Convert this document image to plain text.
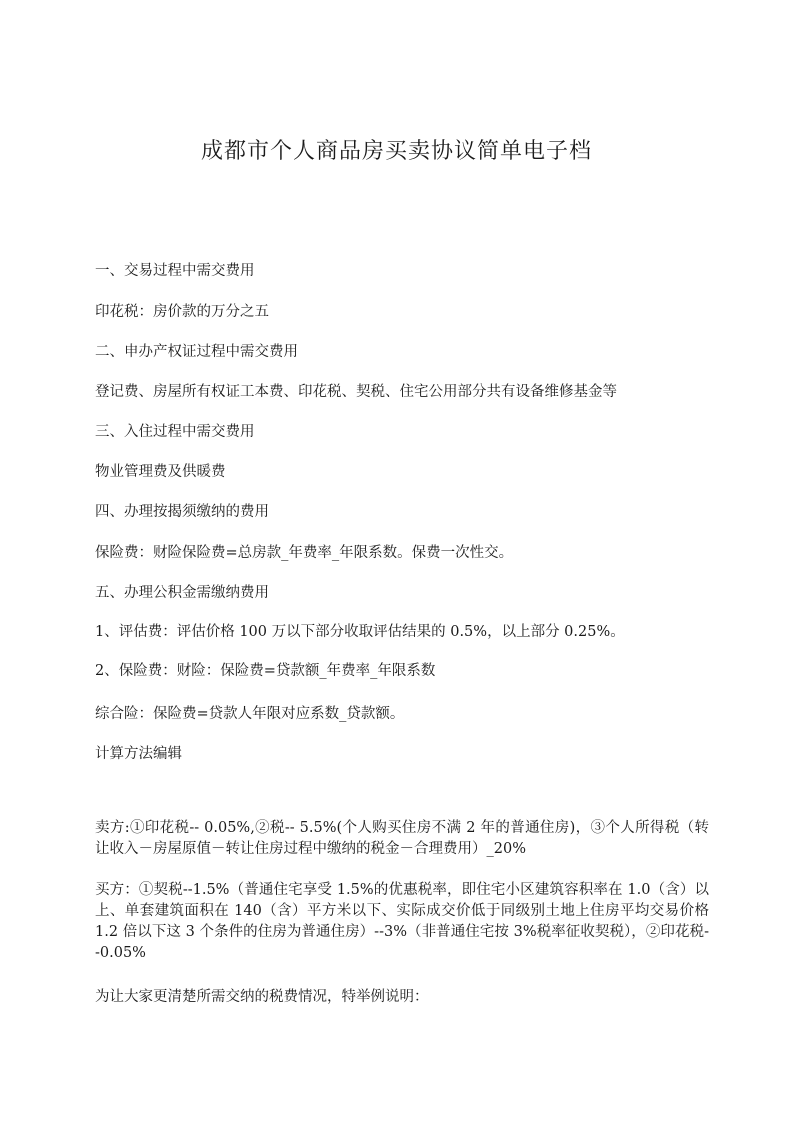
成都市个人商品房买卖协议简单电子档
一、交易过程中需交费用
印花税：房价款的万分之五
二、申办产权证过程中需交费用
登记费、房屋所有权证工本费、印花税、契税、住宅公用部分共有设备维修基金等
三、入住过程中需交费用
物业管理费及供暖费
四、办理按揭须缴纳的费用
保险费：财险保险费=总房款_年费率_年限系数。保费一次性交。
五、办理公积金需缴纳费用
1、评估费：评估价格 100 万以下部分收取评估结果的 0.5%，以上部分 0.25%。
2、保险费：财险：保险费=贷款额_年费率_年限系数
综合险：保险费=贷款人年限对应系数_贷款额。
计算方法编辑
卖方:①印花税-- 0.05%,②税-- 5.5%(个人购买住房不满 2 年的普通住房)，③个人所得税（转让收入－房屋原值－转让住房过程中缴纳的税金－合理费用）_20%
买方：①契税--1.5%（普通住宅享受 1.5%的优惠税率，即住宅小区建筑容积率在 1.0（含）以上、单套建筑面积在 140（含）平方米以下、实际成交价低于同级别土地上住房平均交易价格 1.2 倍以下这 3 个条件的住房为普通住房）--3%（非普通住宅按 3%税率征收契税），②印花税--0.05%
为让大家更清楚所需交纳的税费情况，特举例说明：
